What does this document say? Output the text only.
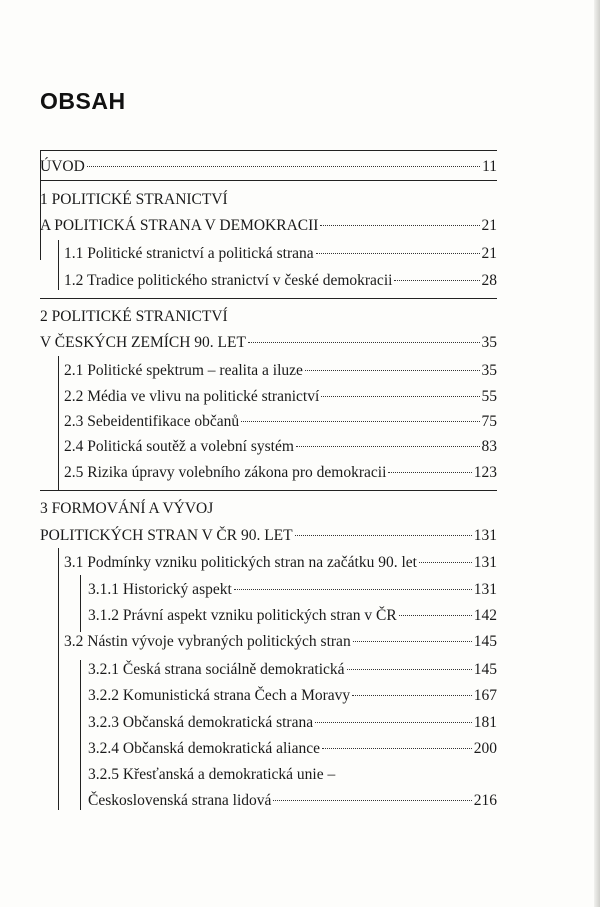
OBSAH
ÚVOD	11
1 POLITICKÉ STRANICTVÍ
A POLITICKÁ STRANA V DEMOKRACII	21
1.1 Politické stranictví a politická strana	21
1.2 Tradice politického stranictví v české demokracii	28
2 POLITICKÉ STRANICTVÍ
V ČESKÝCH ZEMÍCH 90. LET	35
2.1 Politické spektrum – realita a iluze	35
2.2 Média ve vlivu na politické stranictví	55
2.3 Sebeidentifikace občanů	75
2.4 Politická soutěž a volební systém	83
2.5 Rizika úpravy volebního zákona pro demokracii	123
3 FORMOVÁNÍ A VÝVOJ
POLITICKÝCH STRAN V ČR 90. LET	131
3.1 Podmínky vzniku politických stran na začátku 90. let	131
3.1.1 Historický aspekt	131
3.1.2 Právní aspekt vzniku politických stran v ČR	142
3.2 Nástin vývoje vybraných politických stran	145
3.2.1 Česká strana sociálně demokratická	145
3.2.2 Komunistická strana Čech a Moravy	167
3.2.3 Občanská demokratická strana	181
3.2.4 Občanská demokratická aliance	200
3.2.5 Křesťanská a demokratická unie –
Československá strana lidová	216
